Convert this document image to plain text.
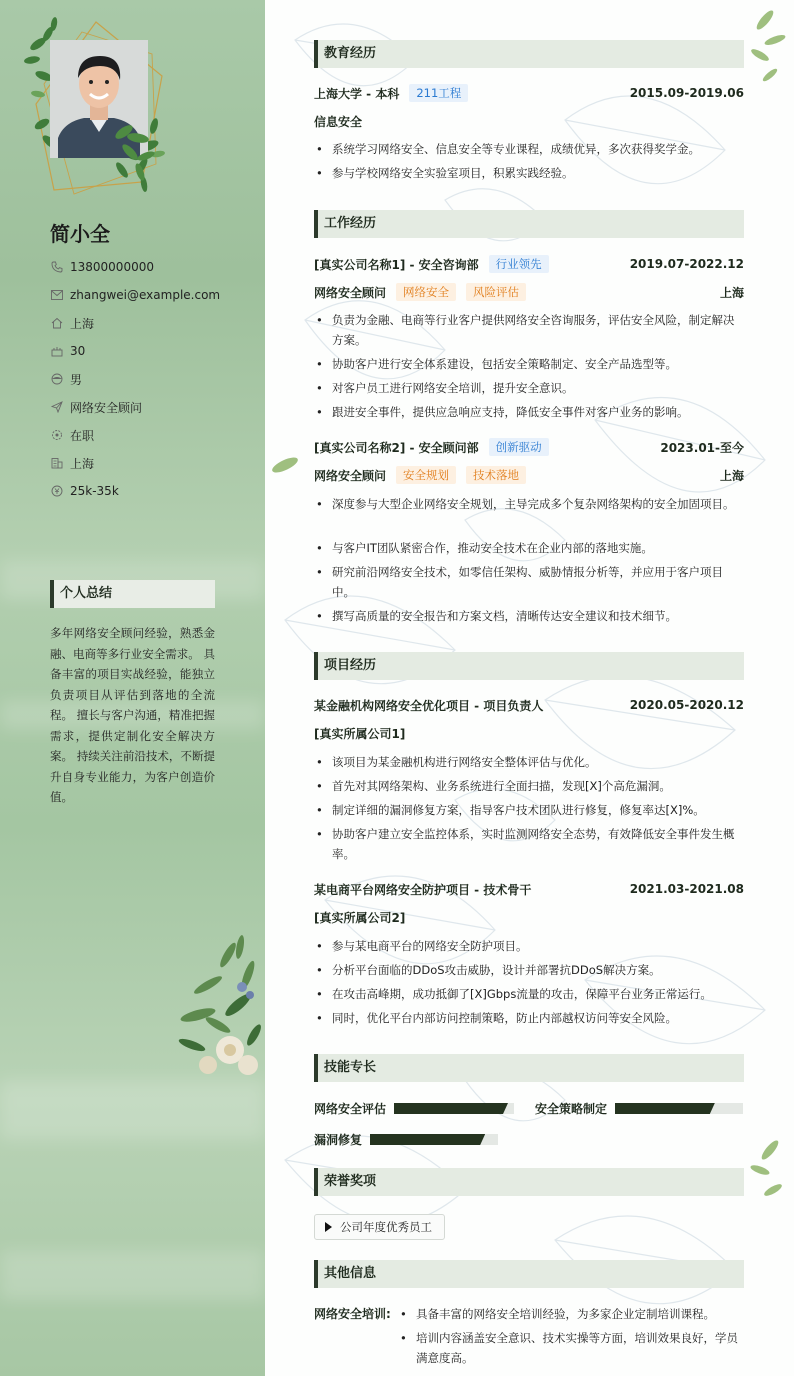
简小全
13800000000
zhangwei@example.com
上海
30
男
网络安全顾问
在职
上海
25k-35k
个人总结
多年网络安全顾问经验，熟悉金融、电商等多行业安全需求。 具备丰富的项目实战经验，能独立负责项目从评估到落地的全流程。 擅长与客户沟通，精准把握需求，提供定制化安全解决方案。 持续关注前沿技术，不断提升自身专业能力，为客户创造价值。
教育经历
上海大学 - 本科	211工程	2015.09-2019.06
信息安全
• 系统学习网络安全、信息安全等专业课程，成绩优异，多次获得奖学金。
• 参与学校网络安全实验室项目，积累实践经验。
工作经历
[真实公司名称1] - 安全咨询部	行业领先	2019.07-2022.12
网络安全顾问	网络安全	风险评估	上海
• 负责为金融、电商等行业客户提供网络安全咨询服务，评估安全风险，制定解决方案。
• 协助客户进行安全体系建设，包括安全策略制定、安全产品选型等。
• 对客户员工进行网络安全培训，提升安全意识。
• 跟进安全事件，提供应急响应支持，降低安全事件对客户业务的影响。
[真实公司名称2] - 安全顾问部	创新驱动	2023.01-至今
网络安全顾问	安全规划	技术落地	上海
• 深度参与大型企业网络安全规划，主导完成多个复杂网络架构的安全加固项目。
• 与客户IT团队紧密合作，推动安全技术在企业内部的落地实施。
• 研究前沿网络安全技术，如零信任架构、威胁情报分析等，并应用于客户项目中。
• 撰写高质量的安全报告和方案文档，清晰传达安全建议和技术细节。
项目经历
某金融机构网络安全优化项目 - 项目负责人	2020.05-2020.12
[真实所属公司1]
• 该项目为某金融机构进行网络安全整体评估与优化。
• 首先对其网络架构、业务系统进行全面扫描，发现[X]个高危漏洞。
• 制定详细的漏洞修复方案，指导客户技术团队进行修复，修复率达[X]%。
• 协助客户建立安全监控体系，实时监测网络安全态势，有效降低安全事件发生概率。
某电商平台网络安全防护项目 - 技术骨干	2021.03-2021.08
[真实所属公司2]
• 参与某电商平台的网络安全防护项目。
• 分析平台面临的DDoS攻击威胁，设计并部署抗DDoS解决方案。
• 在攻击高峰期，成功抵御了[X]Gbps流量的攻击，保障平台业务正常运行。
• 同时，优化平台内部访问控制策略，防止内部越权访问等安全风险。
技能专长
网络安全评估	安全策略制定
漏洞修复
荣誉奖项
公司年度优秀员工
其他信息
网络安全培训:
•	具备丰富的网络安全培训经验，为多家企业定制培训课程。
• 培训内容涵盖安全意识、技术实操等方面，培训效果良好，学员满意度高。
